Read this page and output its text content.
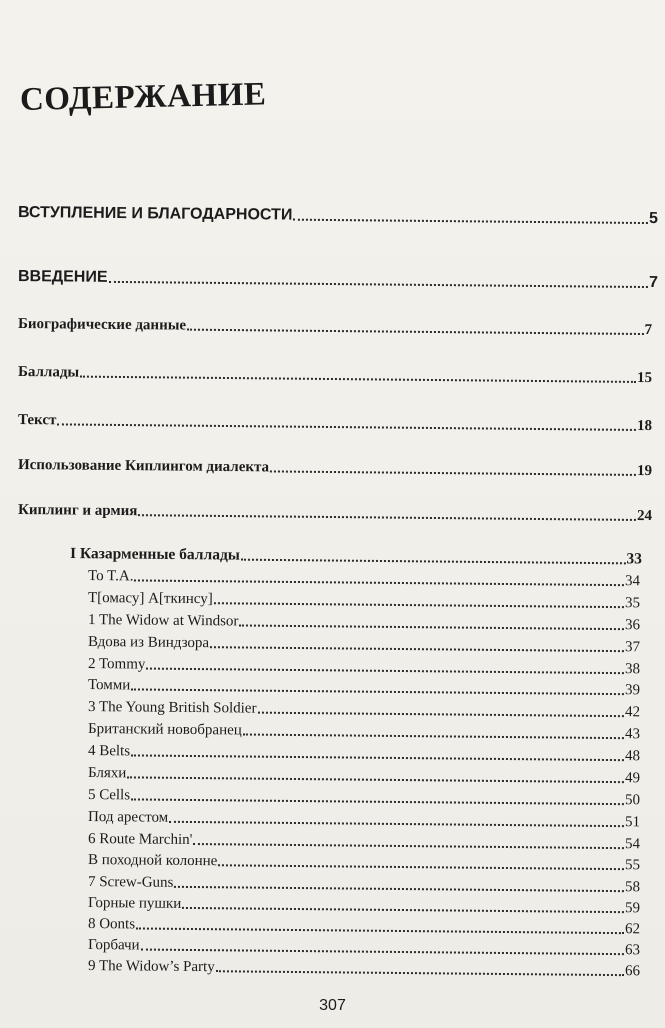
СОДЕРЖАНИЕ
ВСТУПЛЕНИЕ И БЛАГОДАРНОСТИ	5
ВВЕДЕНИЕ	7
Биографические данные	7
Баллады	15
Текст	18
Использование Киплингом диалекта	19
Киплинг и армия	24
I Казарменные баллады	33
To T.A.	34
Т[омасу] А[ткинсу]	35
1 The Widow at Windsor	36
Вдова из Виндзора	37
2 Tommy	38
Томми	39
3 The Young British Soldier	42
Британский новобранец	43
4 Belts	48
Бляхи	49
5 Cells	50
Под арестом	51
6 Route Marchin'	54
В походной колонне	55
7 Screw-Guns	58
Горные пушки	59
8 Oonts	62
Горбачи	63
9 The Widow’s Party	66
307
